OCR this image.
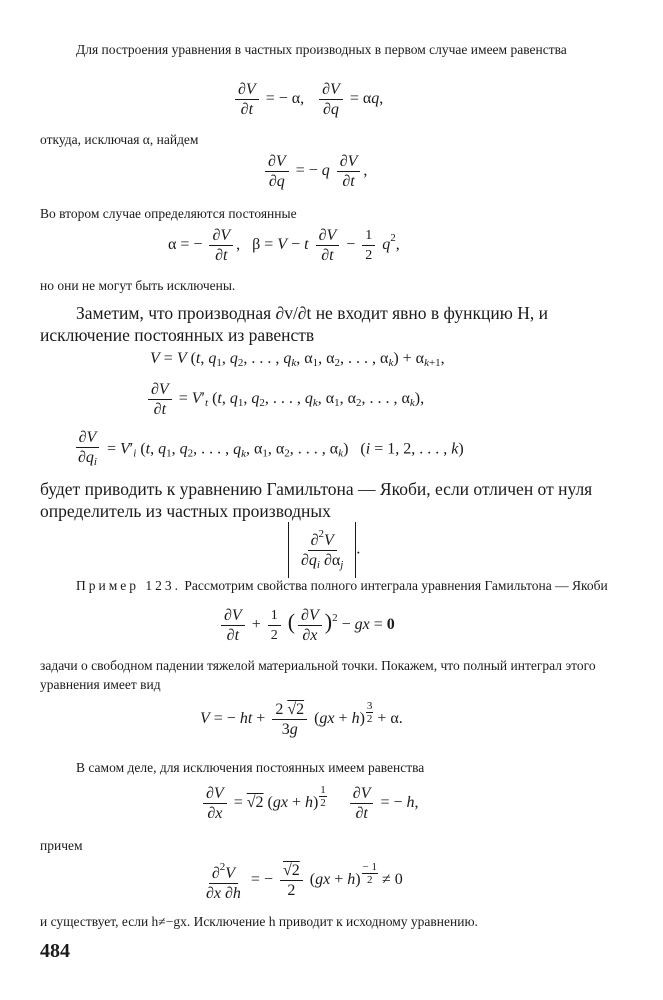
Для построения уравнения в частных производных в первом случае имеем равенства

$\frac{\partial V}{\partial t}$ = − α, $\frac{\partial V}{\partial q} = \alpha q$,

откуда, исключая α, найдем

$\frac{\partial V}{\partial q}$ = − q $\frac{\partial V}{\partial t}$ ,

Во втором случае определяются постоянные

α = − $\frac{\partial V}{\partial t}$ ,   β = V − t $\frac{\partial V}{\partial t} - \frac{1}{2} q^2$,

но они не могут быть исключены.

Заметим, что производная ∂v/∂t не входит явно в функцию H, и исключение постоянных из равенств

V = V (t, $q_1$, $q_2$, . . . , $q_k$, $\alpha_1$, $\alpha_2$, . . . , $\alpha_k) + \alpha_{k+1}$,
$\frac{\partial V}{\partial t} = V'_t$ (t, $q_1$, $q_2$, . . . , $q_k$, $\alpha_1$, $\alpha_2$, . . . , $\alpha_k$),
$\frac{\partial V}{\partial q_i} = V'_i$ (t, $q_1$, $q_2$, . . . , $q_k$, $\alpha_1$, $\alpha_2$, . . . , $\alpha_k$)   (i = 1, 2, . . . , k)

будет приводить к уравнению Гамильтона — Якоби, если отличен от нуля определитель из частных производных

$\frac{\partial^2V}{\partial q_i \partial\alpha_j}$ .

Пример 123. Рассмотрим свойства полного интеграла уравнения Гамильтона — Якоби

$\frac{\partial V}{\partial t} + \frac{1}{2}$ ( $\frac{\partial V}{\partial x} )^2$ − gx = 0

задачи о свободном падении тяжелой материальной точки. Покажем, что полный интеграл этого уравнения имеет вид

V = − ht + $\frac{2 √2}{3g} (gx + h) \frac{3}{2} + \alpha$.

В самом деле, для исключения постоянных имеем равенства

$\frac{\partial V}{\partial x} = √2$ $(gx + h) \frac{1}{2}$
$\frac{\partial V}{\partial t}$ = − h,

причем

$\frac{\partial^2V}{\partial x \partial h}$ = − $\frac{√2}{2} (gx + h) \frac{- 1}{2} \ne 0$

и существует, если h≠−gx. Исключение h приводит к исходному уравнению.

484
